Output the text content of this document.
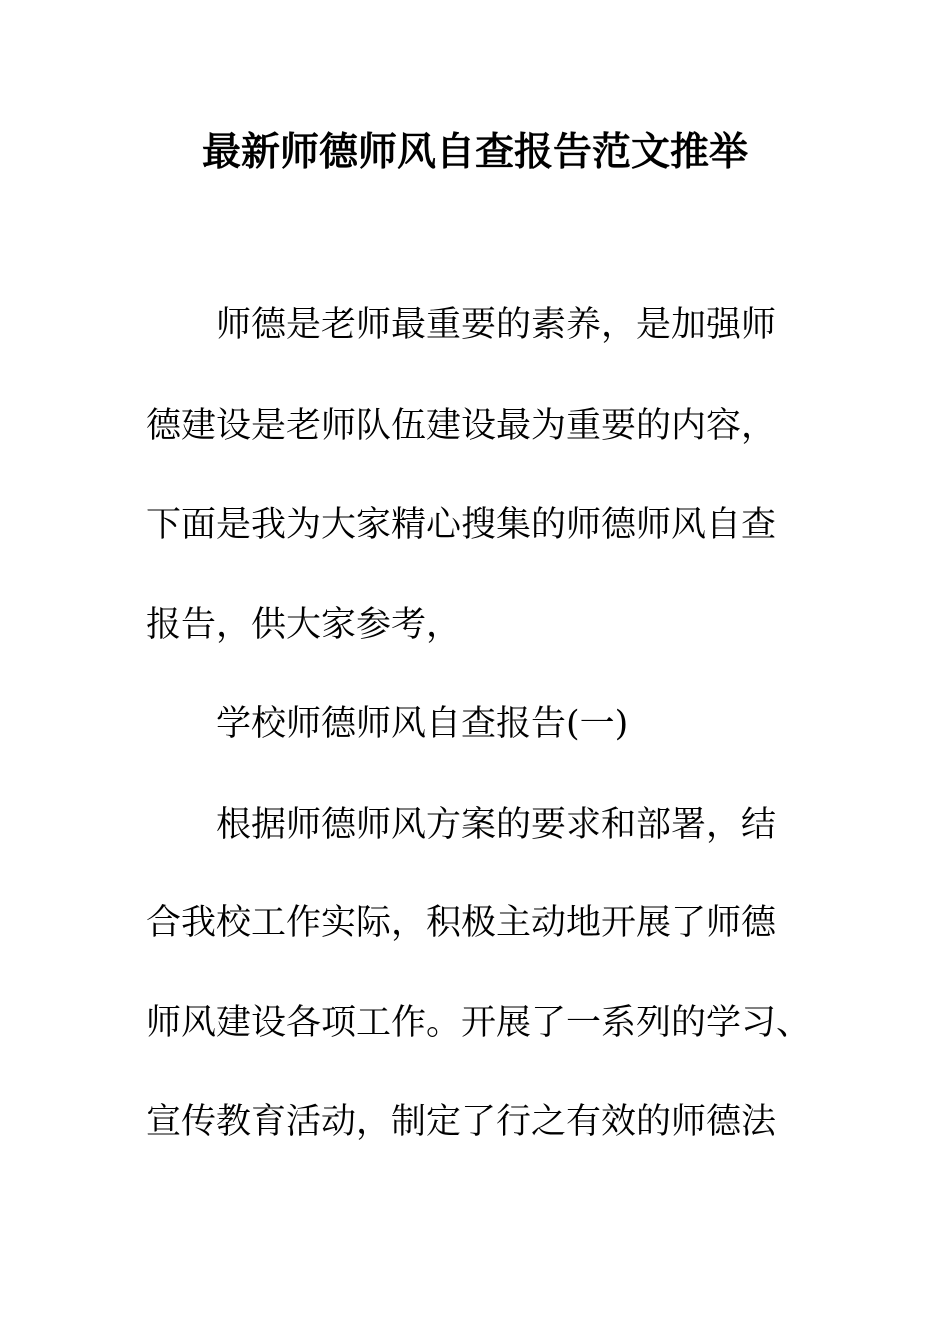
最新师德师风自查报告范文推举
师德是老师最重要的素养，是加强师
德建设是老师队伍建设最为重要的内容，
下面是我为大家精心搜集的师德师风自查
报告，供大家参考，
学校师德师风自查报告(一)
根据师德师风方案的要求和部署，结
合我校工作实际，积极主动地开展了师德
师风建设各项工作。开展了一系列的学习、
宣传教育活动，制定了行之有效的师德法
